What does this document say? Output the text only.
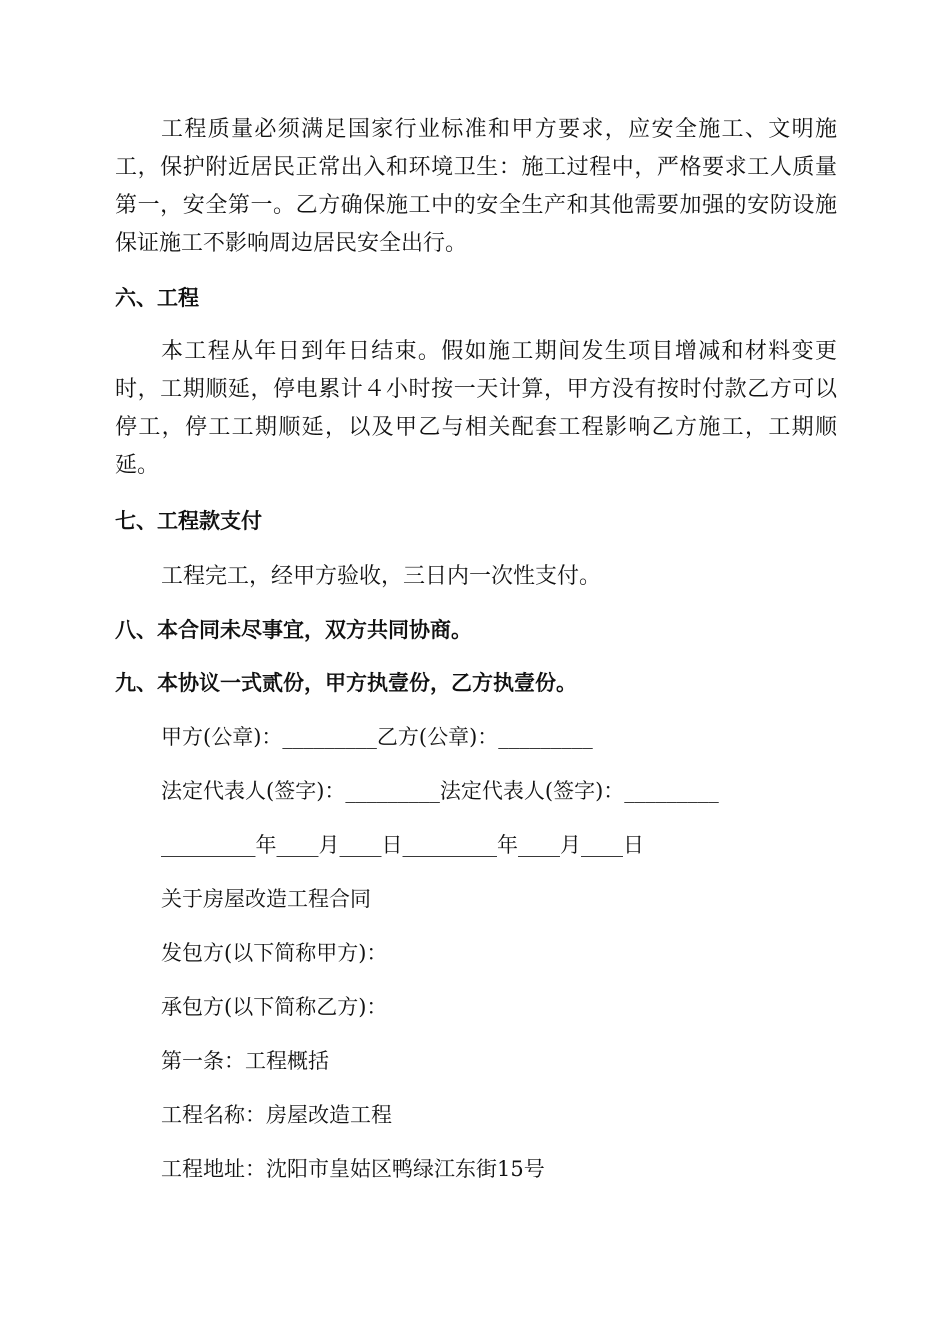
工程质量必须满足国家行业标准和甲方要求，应安全施工、文明施工，保护附近居民正常出入和环境卫生：施工过程中，严格要求工人质量第一，安全第一。乙方确保施工中的安全生产和其他需要加强的安防设施保证施工不影响周边居民安全出行。

六、工程

本工程从年日到年日结束。假如施工期间发生项目增减和材料变更时，工期顺延，停电累计４小时按一天计算，甲方没有按时付款乙方可以停工，停工工期顺延，以及甲乙与相关配套工程影响乙方施工，工期顺延。

七、工程款支付

工程完工，经甲方验收，三日内一次性支付。

八、本合同未尽事宜，双方共同协商。

九、本协议一式贰份，甲方执壹份，乙方执壹份。

甲方(公章)：_________乙方(公章)：_________

法定代表人(签字)：_________法定代表人(签字)：_________

_________年____月____日_________年____月____日

关于房屋改造工程合同

发包方(以下简称甲方)：

承包方(以下简称乙方)：

第一条：工程概括

工程名称：房屋改造工程

工程地址：沈阳市皇姑区鸭绿江东街15号
